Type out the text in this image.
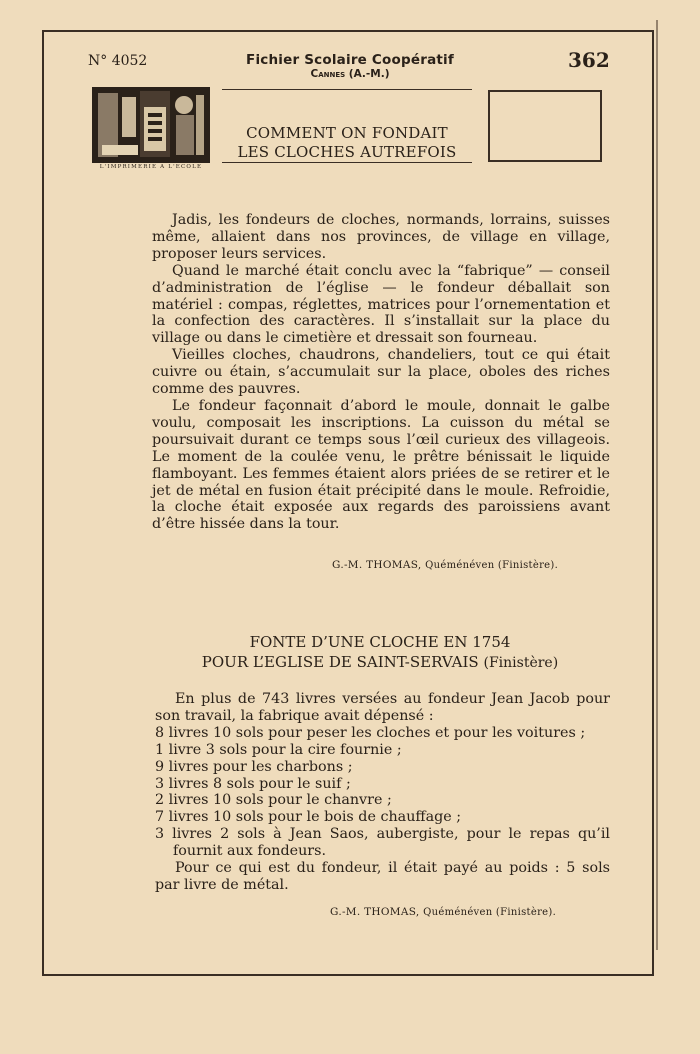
N° 4052	Fichier Scolaire Coopératif
Cannes (A.-M.)
362
L'IMPRIMERIE A L'ECOLE
COMMENT ON FONDAIT
LES CLOCHES AUTREFOIS

Jadis, les fondeurs de cloches, normands, lorrains, suisses même, allaient dans nos provinces, de village en village, proposer leurs services.

Quand le marché était conclu avec la “fabrique” — conseil d’administration de l’église — le fondeur déballait son matériel : compas, réglettes, matrices pour l’ornementation et la confection des caractères. Il s’installait sur la place du village ou dans le cimetière et dressait son fourneau.

Vieilles cloches, chaudrons, chandeliers, tout ce qui était cuivre ou étain, s’accumulait sur la place, oboles des riches comme des pauvres.

Le fondeur façonnait d’abord le moule, donnait le galbe voulu, composait les inscriptions. La cuisson du métal se poursuivait durant ce temps sous l’œil curieux des villageois. Le moment de la coulée venu, le prêtre bénissait le liquide flamboyant. Les femmes étaient alors priées de se retirer et le jet de métal en fusion était précipité dans le moule. Refroidie, la cloche était exposée aux regards des paroissiens avant d’être hissée dans la tour.

G.-M. THOMAS, Quéménéven (Finistère).
FONTE D’UNE CLOCHE EN 1754
POUR L’EGLISE DE SAINT-SERVAIS (Finistère)

En plus de 743 livres versées au fondeur Jean Jacob pour son travail, la fabrique avait dépensé :

8 livres 10 sols pour peser les cloches et pour les voitures ;
1 livre 3 sols pour la cire fournie ;
9 livres pour les charbons ;
3 livres 8 sols pour le suif ;
2 livres 10 sols pour le chanvre ;
7 livres 10 sols pour le bois de chauffage ;
3 livres 2 sols à Jean Saos, aubergiste, pour le repas qu’il fournit aux fondeurs.

Pour ce qui est du fondeur, il était payé au poids : 5 sols par livre de métal.

G.-M. THOMAS, Quéménéven (Finistère).
